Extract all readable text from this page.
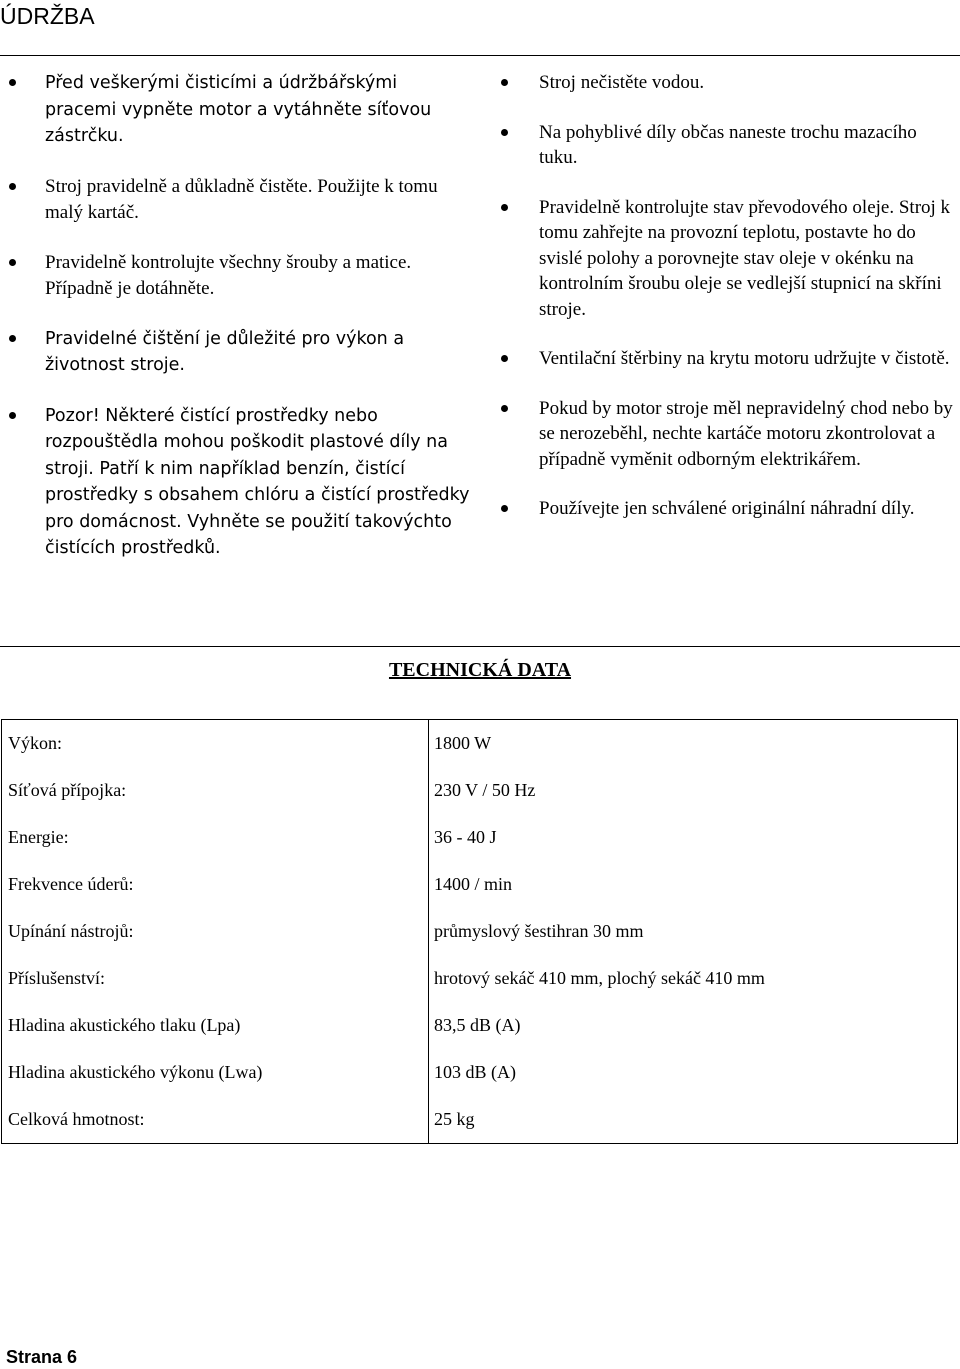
ÚDRŽBA
Před veškerými čisticími a údržbářskými pracemi vypněte motor a vytáhněte síťovou zástrčku.
Stroj pravidelně a důkladně čistěte. Použijte k tomu malý kartáč.
Pravidelně kontrolujte všechny šrouby a matice. Případně je dotáhněte.
Pravidelné čištění je důležité pro výkon a životnost stroje.
Pozor! Některé čistící prostředky nebo rozpouštědla mohou poškodit plastové díly na stroji. Patří k nim například benzín, čistící prostředky s obsahem chlóru a čistící prostředky pro domácnost. Vyhněte se použití takovýchto čistících prostředků.
Stroj nečistěte vodou.
Na pohyblivé díly občas naneste trochu mazacího tuku.
Pravidelně kontrolujte stav převodového oleje. Stroj k tomu zahřejte na provozní teplotu, postavte ho do svislé polohy a porovnejte stav oleje v okénku na kontrolním šroubu oleje se vedlejší stupnicí na skříni stroje.
Ventilační štěrbiny na krytu motoru udržujte v čistotě.
Pokud by motor stroje měl nepravidelný chod nebo by se nerozeběhl, nechte kartáče motoru zkontrolovat a případně vyměnit odborným elektrikářem.
Používejte jen schválené originální náhradní díly.
TECHNICKÁ DATA
Výkon:	1800 W
Síťová přípojka:	230 V / 50 Hz
Energie:	36 - 40 J
Frekvence úderů:	1400 / min
Upínání nástrojů:	průmyslový šestihran 30 mm
Příslušenství:	hrotový sekáč 410 mm, plochý sekáč 410 mm
Hladina akustického tlaku (Lpa)	83,5 dB (A)
Hladina akustického výkonu (Lwa)	103 dB (A)
Celková hmotnost:	25 kg
Strana 6
